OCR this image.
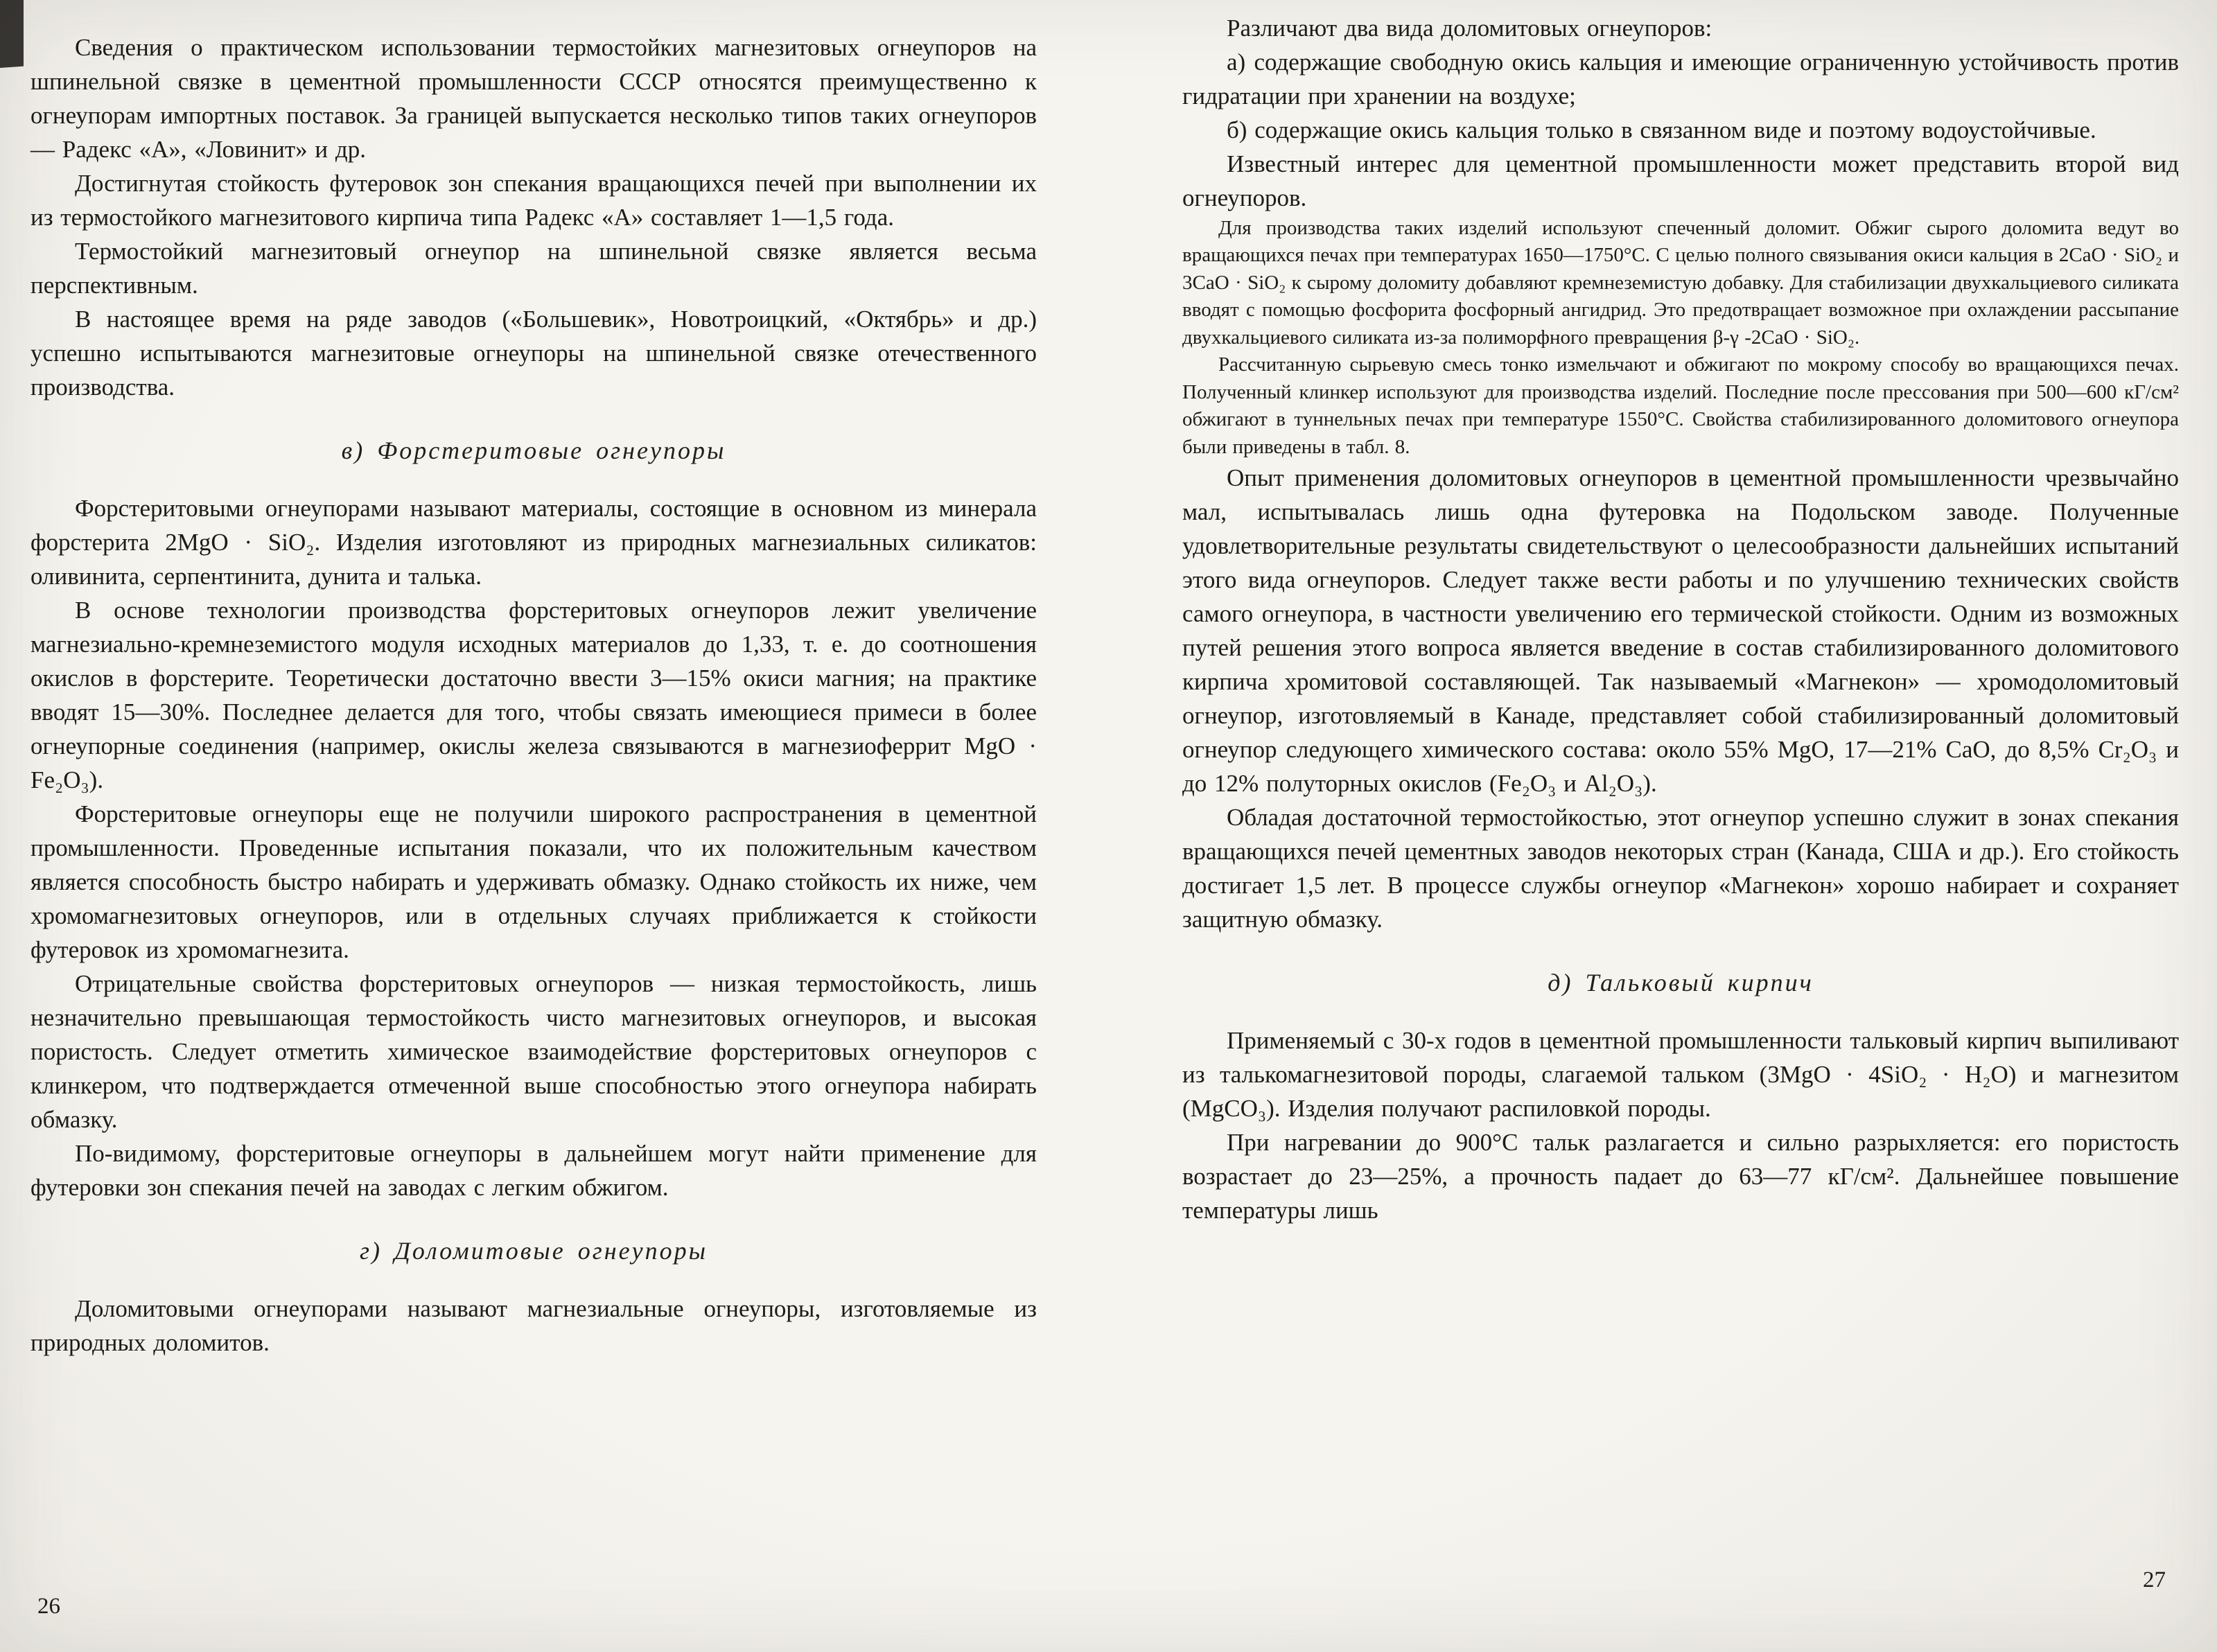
Сведения о практическом использовании термостойких магнезитовых огнеупоров на шпинельной связке в цементной промышленности СССР относятся преимущественно к огнеупорам импортных поставок. За границей выпускается несколько типов таких огнеупоров — Радекс «А», «Ловинит» и др.

Достигнутая стойкость футеровок зон спекания вращающихся печей при выполнении их из термостойкого магнезитового кирпича типа Радекс «А» составляет 1—1,5 года.

Термостойкий магнезитовый огнеупор на шпинельной связке является весьма перспективным.

В настоящее время на ряде заводов («Большевик», Новотроицкий, «Октябрь» и др.) успешно испытываются магнезитовые огнеупоры на шпинельной связке отечественного производства.

в) Форстеритовые огнеупоры

Форстеритовыми огнеупорами называют материалы, состоящие в основном из минерала форстерита 2MgO · SiO₂. Изделия изготовляют из природных магнезиальных силикатов: оливинита, серпентинита, дунита и талька.

В основе технологии производства форстеритовых огнеупоров лежит увеличение магнезиально-кремнеземистого модуля исходных материалов до 1,33, т. е. до соотношения окислов в форстерите. Теоретически достаточно ввести 3—15% окиси магния; на практике вводят 15—30%. Последнее делается для того, чтобы связать имеющиеся примеси в более огнеупорные соединения (например, окислы железа связываются в магнезиоферрит MgO · Fe₂O₃).

Форстеритовые огнеупоры еще не получили широкого распространения в цементной промышленности. Проведенные испытания показали, что их положительным качеством является способность быстро набирать и удерживать обмазку. Однако стойкость их ниже, чем хромомагнезитовых огнеупоров, или в отдельных случаях приближается к стойкости футеровок из хромомагнезита.

Отрицательные свойства форстеритовых огнеупоров — низкая термостойкость, лишь незначительно превышающая термостойкость чисто магнезитовых огнеупоров, и высокая пористость. Следует отметить химическое взаимодействие форстеритовых огнеупоров с клинкером, что подтверждается отмеченной выше способностью этого огнеупора набирать обмазку.

По-видимому, форстеритовые огнеупоры в дальнейшем могут найти применение для футеровки зон спекания печей на заводах с легким обжигом.

г) Доломитовые огнеупоры

Доломитовыми огнеупорами называют магнезиальные огнеупоры, изготовляемые из природных доломитов.

Различают два вида доломитовых огнеупоров:

а) содержащие свободную окись кальция и имеющие ограниченную устойчивость против гидратации при хранении на воздухе;

б) содержащие окись кальция только в связанном виде и поэтому водоустойчивые.

Известный интерес для цементной промышленности может представить второй вид огнеупоров.

Для производства таких изделий используют спеченный доломит. Обжиг сырого доломита ведут во вращающихся печах при температурах 1650—1750°С. С целью полного связывания окиси кальция в 2CaO · SiO₂ и 3CaO · SiO₂ к сырому доломиту добавляют кремнеземистую добавку. Для стабилизации двухкальциевого силиката вводят с помощью фосфорита фосфорный ангидрид. Это предотвращает возможное при охлаждении рассыпание двухкальциевого силиката из-за полиморфного превращения β-γ -2CaO · SiO₂.

Рассчитанную сырьевую смесь тонко измельчают и обжигают по мокрому способу во вращающихся печах. Полученный клинкер используют для производства изделий. Последние после прессования при 500—600 кГ/см² обжигают в туннельных печах при температуре 1550°С. Свойства стабилизированного доломитового огнеупора были приведены в табл. 8.

Опыт применения доломитовых огнеупоров в цементной промышленности чрезвычайно мал, испытывалась лишь одна футеровка на Подольском заводе. Полученные удовлетворительные результаты свидетельствуют о целесообразности дальнейших испытаний этого вида огнеупоров. Следует также вести работы и по улучшению технических свойств самого огнеупора, в частности увеличению его термической стойкости. Одним из возможных путей решения этого вопроса является введение в состав стабилизированного доломитового кирпича хромитовой составляющей. Так называемый «Магнекон» — хромодоломитовый огнеупор, изготовляемый в Канаде, представляет собой стабилизированный доломитовый огнеупор следующего химического состава: около 55% MgO, 17—21% CaO, до 8,5% Cr₂O₃ и до 12% полуторных окислов (Fe₂O₃ и Al₂O₃).

Обладая достаточной термостойкостью, этот огнеупор успешно служит в зонах спекания вращающихся печей цементных заводов некоторых стран (Канада, США и др.). Его стойкость достигает 1,5 лет. В процессе службы огнеупор «Магнекон» хорошо набирает и сохраняет защитную обмазку.

д) Тальковый кирпич

Применяемый с 30-х годов в цементной промышленности тальковый кирпич выпиливают из талькомагнезитовой породы, слагаемой тальком (3MgO · 4SiO₂ · H₂O) и магнезитом (MgCO₃). Изделия получают распиловкой породы.

При нагревании до 900°С тальк разлагается и сильно разрыхляется: его пористость возрастает до 23—25%, а прочность падает до 63—77 кГ/см². Дальнейшее повышение температуры лишь

26
27
